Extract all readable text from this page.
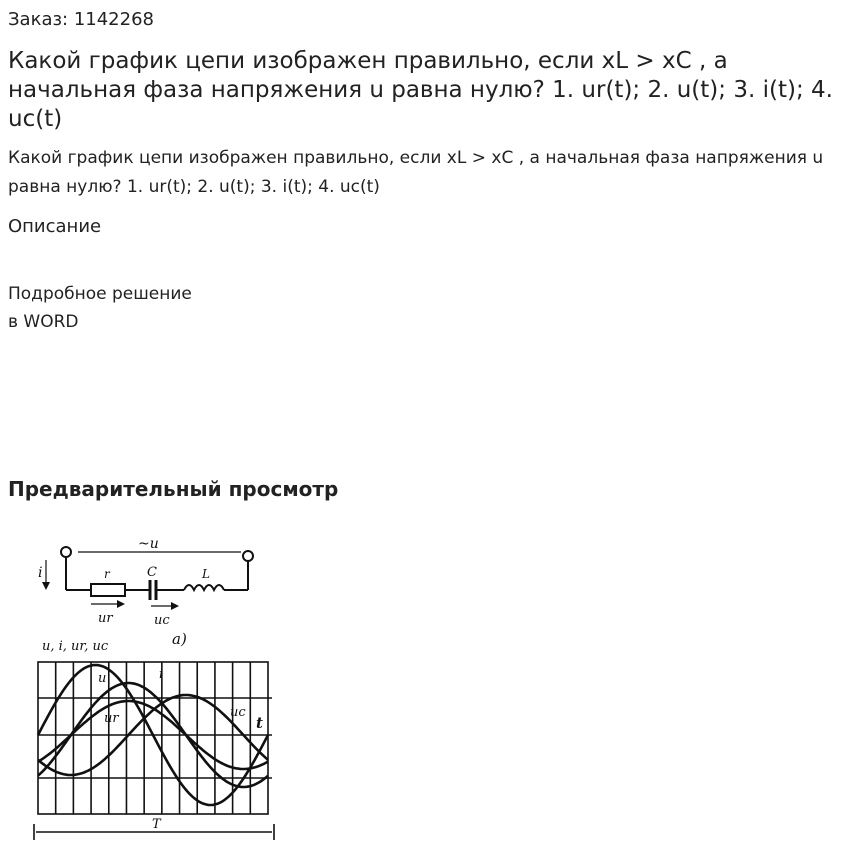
Заказ: 1142268
Какой график цепи изображен правильно, если xL > xC , а начальная фаза напряжения u равна нулю? 1. ur(t); 2. u(t); 3. i(t); 4. uc(t)
Какой график цепи изображен правильно, если xL > xC , а начальная фаза напряжения u равна нулю? 1. ur(t); 2. u(t); 3. i(t); 4. uc(t)
Описание
Подробное решение
в WORD
Предварительный просмотр
~u
i	r	C	L
ur	uc
a)
u, i, ur, uc
u	i
ur	uc
t
T
